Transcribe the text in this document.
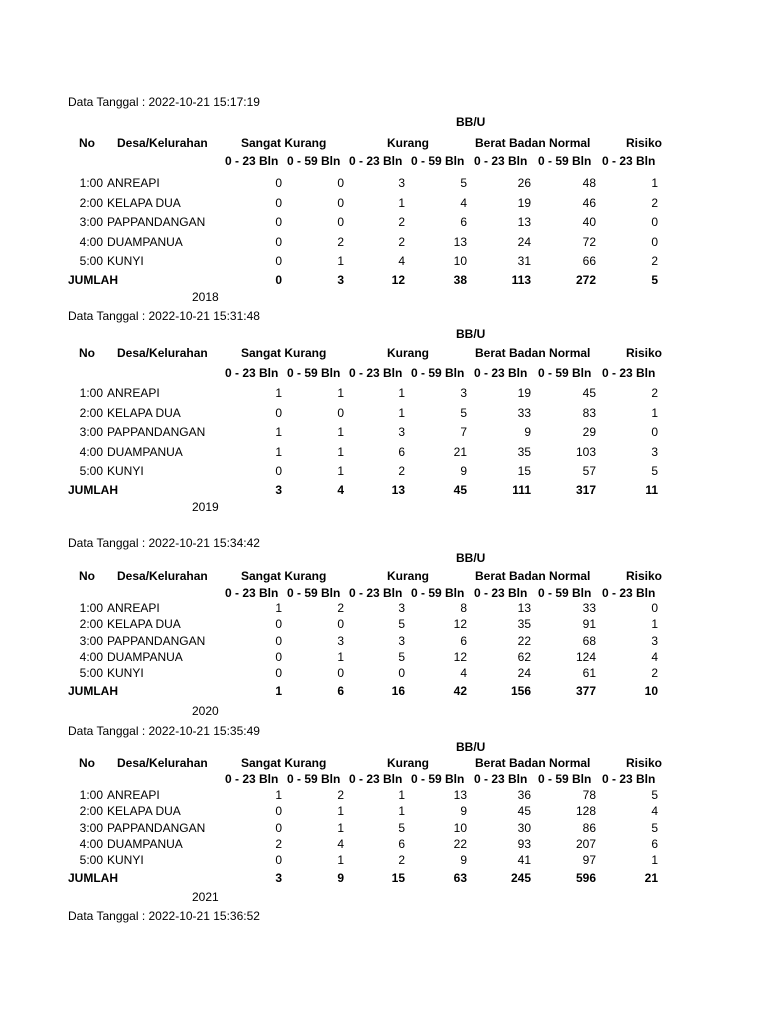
Data Tanggal : 2022-10-21 15:17:19
BB/U
No Desa/Kelurahan	Sangat Kurang	Kurang	Berat Badan Normal	Risiko
0 - 23 Bln 0 - 59 Bln 0 - 23 Bln 0 - 59 Bln 0 - 23 Bln 0 - 59 Bln 0 - 23 Bln
1:00 ANREAPI	0	0	3	5	26	48	1
2:00 KELAPA DUA	0	0	1	4	19	46	2
3:00 PAPPANDANGAN	0	0	2	6	13	40	0
4:00 DUAMPANUA	0	2	2	13	24	72	0
5:00 KUNYI	0	1	4	10	31	66	2
JUMLAH	0	3	12	38	113	272	5
2018
Data Tanggal : 2022-10-21 15:31:48
BB/U
No Desa/Kelurahan	Sangat Kurang	Kurang	Berat Badan Normal	Risiko
0 - 23 Bln 0 - 59 Bln 0 - 23 Bln 0 - 59 Bln 0 - 23 Bln 0 - 59 Bln 0 - 23 Bln
1:00 ANREAPI	1	1	1	3	19	45	2
2:00 KELAPA DUA	0	0	1	5	33	83	1
3:00 PAPPANDANGAN	1	1	3	7	9	29	0
4:00 DUAMPANUA	1	1	6	21	35	103	3
5:00 KUNYI	0	1	2	9	15	57	5
JUMLAH	3	4	13	45	111	317	11
2019
Data Tanggal : 2022-10-21 15:34:42
BB/U
No Desa/Kelurahan	Sangat Kurang	Kurang	Berat Badan Normal	Risiko
0 - 23 Bln 0 - 59 Bln 0 - 23 Bln 0 - 59 Bln 0 - 23 Bln 0 - 59 Bln 0 - 23 Bln
1:00 ANREAPI	1	2	3	8	13	33	0
2:00 KELAPA DUA	0	0	5	12	35	91	1
3:00 PAPPANDANGAN	0	3	3	6	22	68	3
4:00 DUAMPANUA	0	1	5	12	62	124	4
5:00 KUNYI	0	0	0	4	24	61	2
JUMLAH	1	6	16	42	156	377	10
2020
Data Tanggal : 2022-10-21 15:35:49
BB/U
No Desa/Kelurahan	Sangat Kurang	Kurang	Berat Badan Normal	Risiko
0 - 23 Bln 0 - 59 Bln 0 - 23 Bln 0 - 59 Bln 0 - 23 Bln 0 - 59 Bln 0 - 23 Bln
1:00 ANREAPI	1	2	1	13	36	78	5
2:00 KELAPA DUA	0	1	1	9	45	128	4
3:00 PAPPANDANGAN	0	1	5	10	30	86	5
4:00 DUAMPANUA	2	4	6	22	93	207	6
5:00 KUNYI	0	1	2	9	41	97	1
JUMLAH	3	9	15	63	245	596	21
2021
Data Tanggal : 2022-10-21 15:36:52
